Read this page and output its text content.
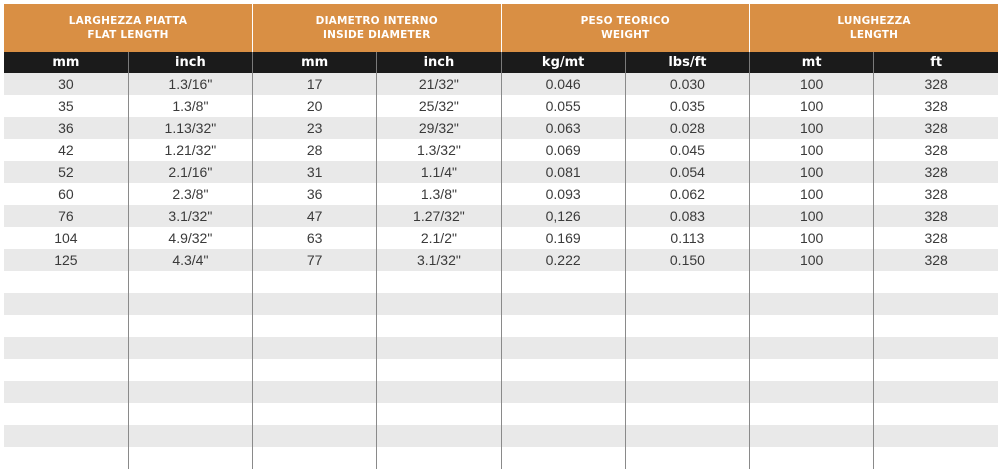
LARGHEZZA PIATTA
FLAT LENGTH		DIAMETRO INTERNO
INSIDE DIAMETER		PESO TEORICO
WEIGHT		LUNGHEZZA
LENGTH	

mm	inch	mm	inch	kg/mt	lbs/ft	mt	ft
30	1.3/16"	17	21/32"	0.046	0.030	100	328
35	1.3/8"	20	25/32"	0.055	0.035	100	328
36	1.13/32"	23	29/32"	0.063	0.028	100	328
42	1.21/32"	28	1.3/32"	0.069	0.045	100	328
52	2.1/16"	31	1.1/4"	0.081	0.054	100	328
60	2.3/8"	36	1.3/8"	0.093	0.062	100	328
76	3.1/32"	47	1.27/32"	0,126	0.083	100	328
104	4.9/32"	63	2.1/2"	0.169	0.113	100	328
125	4.3/4"	77	3.1/32"	0.222	0.150	100	328
